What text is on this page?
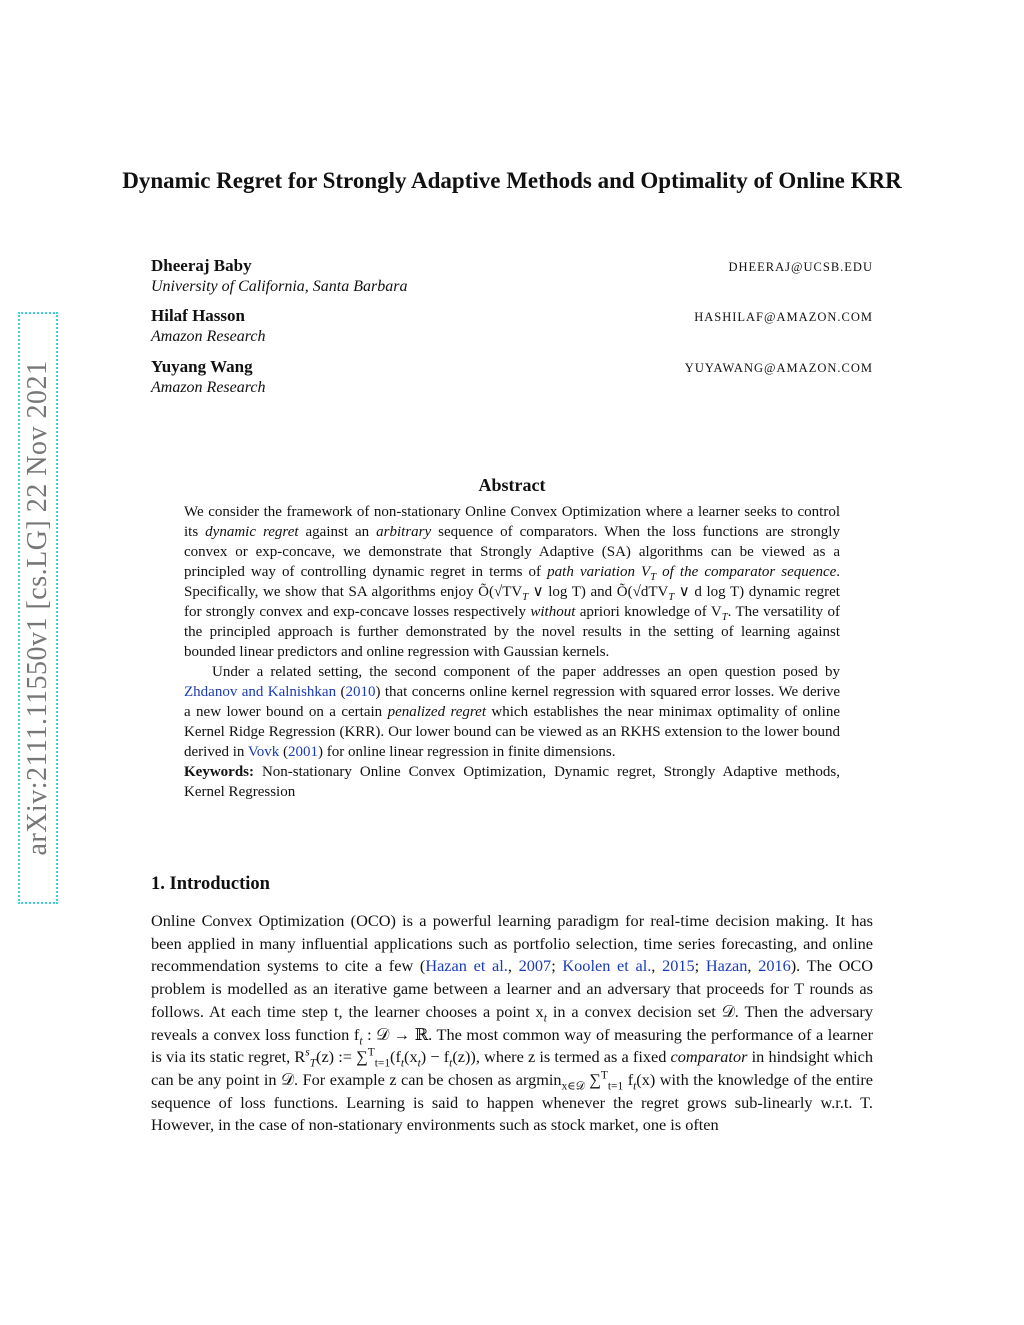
arXiv:2111.11550v1 [cs.LG] 22 Nov 2021
Dynamic Regret for Strongly Adaptive Methods and Optimality of Online KRR
Dheeraj Baby	DHEERAJ@UCSB.EDU
University of California, Santa Barbara
Hilaf Hasson	HASHILAF@AMAZON.COM
Amazon Research
Yuyang Wang	YUYAWANG@AMAZON.COM
Amazon Research
Abstract

We consider the framework of non-stationary Online Convex Optimization where a learner seeks to control its dynamic regret against an arbitrary sequence of comparators. When the loss functions are strongly convex or exp-concave, we demonstrate that Strongly Adaptive (SA) algorithms can be viewed as a principled way of controlling dynamic regret in terms of path variation $V_T$ of the comparator sequence. Specifically, we show that SA algorithms enjoy $Õ(√TV_T$ ∨ log T) and Õ(√dTV$_T$ ∨ d log T) dynamic regret for strongly convex and exp-concave losses respectively without apriori knowledge of $V_T$. The versatility of the principled approach is further demonstrated by the novel results in the setting of learning against bounded linear predictors and online regression with Gaussian kernels.

Under a related setting, the second component of the paper addresses an open question posed by Zhdanov and Kalnishkan (2010) that concerns online kernel regression with squared error losses. We derive a new lower bound on a certain penalized regret which establishes the near minimax optimality of online Kernel Ridge Regression (KRR). Our lower bound can be viewed as an RKHS extension to the lower bound derived in Vovk (2001) for online linear regression in finite dimensions.

Keywords: Non-stationary Online Convex Optimization, Dynamic regret, Strongly Adaptive methods, Kernel Regression

1. Introduction

Online Convex Optimization (OCO) is a powerful learning paradigm for real-time decision making. It has been applied in many influential applications such as portfolio selection, time series forecasting, and online recommendation systems to cite a few (Hazan et al., 2007; Koolen et al., 2015; Hazan, 2016). The OCO problem is modelled as an iterative game between a learner and an adversary that proceeds for T rounds as follows. At each time step t, the learner chooses a point $x_t$ in a convex decision set 𝒟. Then the adversary reveals a convex loss function $f_t$ : 𝒟 → ℝ. The most common way of measuring the performance of a learner is via its static regret, $R^s_T(z)$ := $\sum^T_{t=1}(f_t(x_t) - f_t(z))$, where z is termed as a fixed comparator in hindsight which can be any point in 𝒟. For example z can be chosen as argmin$_{x\in 𝒟}$ ∑$^T_{t=1}$ $f_t(x)$ with the knowledge of the entire sequence of loss functions. Learning is said to happen whenever the regret grows sub-linearly w.r.t. T. However, in the case of non-stationary environments such as stock market, one is often
